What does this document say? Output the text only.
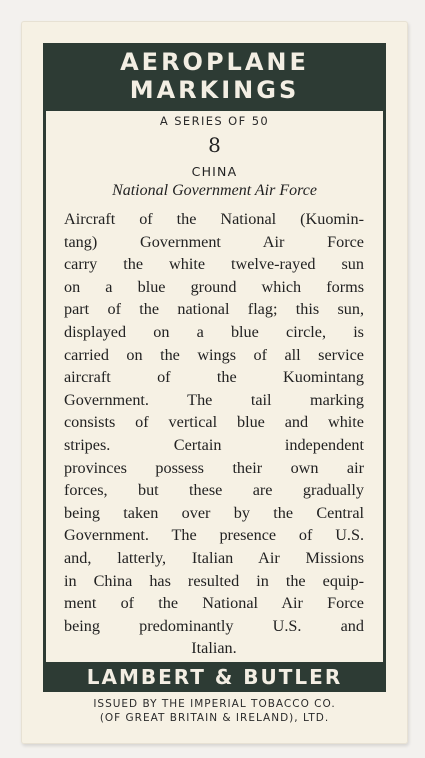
AEROPLANE
MARKINGS
A SERIES OF 50
8
CHINA
National Government Air Force
Aircraft of the National (Kuomin-
tang) Government Air Force
carry the white twelve-rayed sun
on a blue ground which forms
part of the national flag; this sun,
displayed on a blue circle, is
carried on the wings of all service
aircraft of the Kuomintang
Government. The tail marking
consists of vertical blue and white
stripes. Certain independent
provinces possess their own air
forces, but these are gradually
being taken over by the Central
Government. The presence of U.S.
and, latterly, Italian Air Missions
in China has resulted in the equip-
ment of the National Air Force
being predominantly U.S. and
Italian.
LAMBERT & BUTLER
ISSUED BY THE IMPERIAL TOBACCO CO.
(OF GREAT BRITAIN & IRELAND), LTD.
